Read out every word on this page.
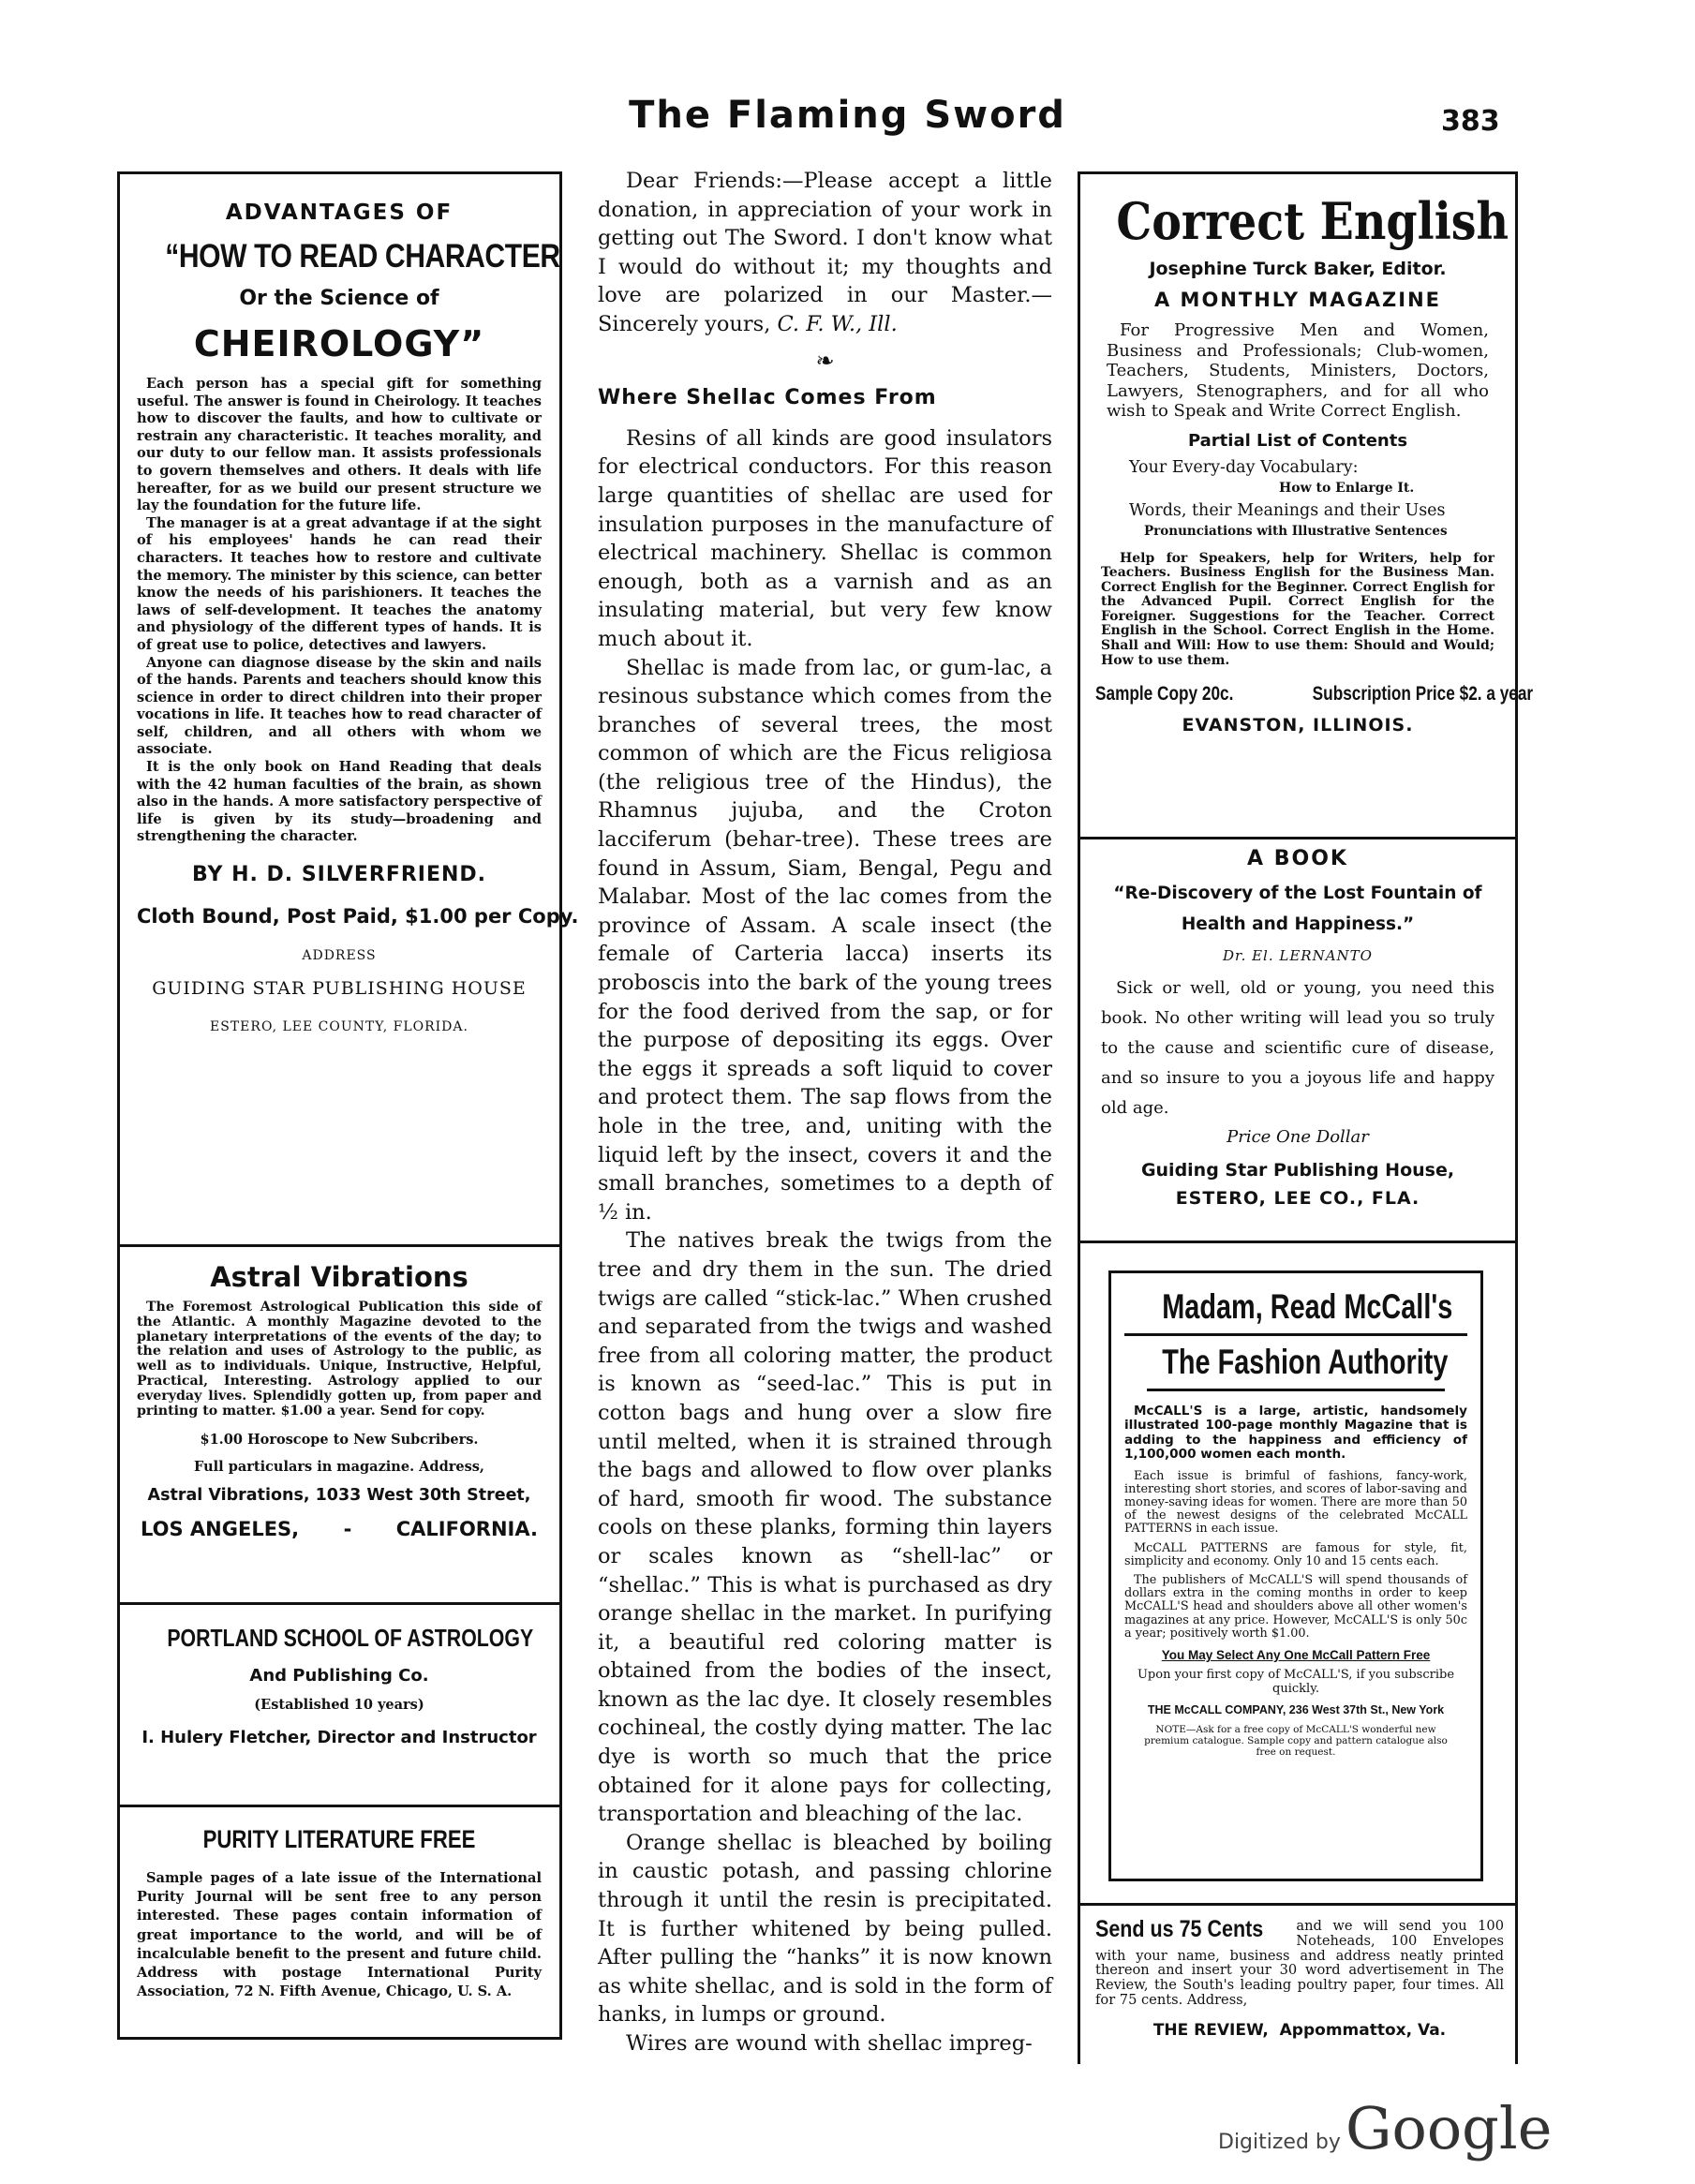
The Flaming Sword	383
ADVANTAGES OF
“HOW TO READ CHARACTER
Or the Science of
CHEIROLOGY”

Each person has a special gift for something useful. The answer is found in Cheirology. It teaches how to discover the faults, and how to cultivate or restrain any characteristic. It teaches morality, and our duty to our fellow man. It assists professionals to govern themselves and others. It deals with life hereafter, for as we build our present structure we lay the foundation for the future life.

The manager is at a great advantage if at the sight of his employees' hands he can read their characters. It teaches how to restore and cultivate the memory. The minister by this science, can better know the needs of his parishioners. It teaches the laws of self-development. It teaches the anatomy and physiology of the different types of hands. It is of great use to police, detectives and lawyers.

Anyone can diagnose disease by the skin and nails of the hands. Parents and teachers should know this science in order to direct children into their proper vocations in life. It teaches how to read character of self, children, and all others with whom we associate.

It is the only book on Hand Reading that deals with the 42 human faculties of the brain, as shown also in the hands. A more satisfactory perspective of life is given by its study—broadening and strengthening the character.

BY H. D. SILVERFRIEND.
Cloth Bound, Post Paid, $1.00 per Copy.
ADDRESS
GUIDING STAR PUBLISHING HOUSE
ESTERO, LEE COUNTY, FLORIDA.
Astral Vibrations

The Foremost Astrological Publication this side of the Atlantic. A monthly Magazine devoted to the planetary interpretations of the events of the day; to the relation and uses of Astrology to the public, as well as to individuals. Unique, Instructive, Helpful, Practical, Interesting. Astrology applied to our everyday lives. Splendidly gotten up, from paper and printing to matter. $1.00 a year. Send for copy.

$1.00 Horoscope to New Subcribers.
Full particulars in magazine. Address,
Astral Vibrations, 1033 West 30th Street,
LOS ANGELES, - CALIFORNIA.
PORTLAND SCHOOL OF ASTROLOGY
And Publishing Co.
(Established 10 years)
I. Hulery Fletcher, Director and Instructor
PURITY LITERATURE FREE

Sample pages of a late issue of the International Purity Journal will be sent free to any person interested. These pages contain information of great importance to the world, and will be of incalculable benefit to the present and future child. Address with postage International Purity Association, 72 N. Fifth Avenue, Chicago, U. S. A.

Dear Friends:—Please accept a little donation, in appreciation of your work in getting out The Sword. I don't know what I would do without it; my thoughts and love are polarized in our Master.— Sincerely yours, C. F. W., Ill.

❧
Where Shellac Comes From

Resins of all kinds are good insulators for electrical conductors. For this reason large quantities of shellac are used for insulation purposes in the manufacture of electrical machinery. Shellac is common enough, both as a varnish and as an insulating material, but very few know much about it.

Shellac is made from lac, or gum-lac, a resinous substance which comes from the branches of several trees, the most common of which are the Ficus religiosa (the religious tree of the Hindus), the Rhamnus jujuba, and the Croton lacciferum (behar-tree). These trees are found in Assum, Siam, Bengal, Pegu and Malabar. Most of the lac comes from the province of Assam. A scale insect (the female of Carteria lacca) inserts its proboscis into the bark of the young trees for the food derived from the sap, or for the purpose of depositing its eggs. Over the eggs it spreads a soft liquid to cover and protect them. The sap flows from the hole in the tree, and, uniting with the liquid left by the insect, covers it and the small branches, sometimes to a depth of ½ in.

The natives break the twigs from the tree and dry them in the sun. The dried twigs are called “stick-lac.” When crushed and separated from the twigs and washed free from all coloring matter, the product is known as “seed-lac.” This is put in cotton bags and hung over a slow fire until melted, when it is strained through the bags and allowed to flow over planks of hard, smooth fir wood. The substance cools on these planks, forming thin layers or scales known as “shell-lac” or “shellac.” This is what is purchased as dry orange shellac in the market. In purifying it, a beautiful red coloring matter is obtained from the bodies of the insect, known as the lac dye. It closely resembles cochineal, the costly dying matter. The lac dye is worth so much that the price obtained for it alone pays for collecting, transportation and bleaching of the lac.

Orange shellac is bleached by boiling in caustic potash, and passing chlorine through it until the resin is precipitated. It is further whitened by being pulled. After pulling the “hanks” it is now known as white shellac, and is sold in the form of hanks, in lumps or ground.

Wires are wound with shellac impreg-

Correct English
Josephine Turck Baker, Editor.
A MONTHLY MAGAZINE

For Progressive Men and Women, Business and Professionals; Club-women, Teachers, Students, Ministers, Doctors, Lawyers, Stenographers, and for all who wish to Speak and Write Correct English.

Partial List of Contents
Your Every-day Vocabulary:
How to Enlarge It.
Words, their Meanings and their Uses
Pronunciations with Illustrative Sentences

Help for Speakers, help for Writers, help for Teachers. Business English for the Business Man. Correct English for the Beginner. Correct English for the Advanced Pupil. Correct English for the Foreigner. Suggestions for the Teacher. Correct English in the School. Correct English in the Home. Shall and Will: How to use them: Should and Would; How to use them.

Sample Copy 20c.	Subscription Price $2. a year
EVANSTON, ILLINOIS.
A BOOK
“Re-Discovery of the Lost Fountain of Health and Happiness.”
Dr. El. LERNANTO

Sick or well, old or young, you need this book. No other writing will lead you so truly to the cause and scientific cure of disease, and so insure to you a joyous life and happy old age.

Price One Dollar
Guiding Star Publishing House,
ESTERO, LEE CO., FLA.
Madam, Read McCall's
The Fashion Authority

McCALL'S is a large, artistic, handsomely illustrated 100-page monthly Magazine that is adding to the happiness and efficiency of 1,100,000 women each month.

Each issue is brimful of fashions, fancy-work, interesting short stories, and scores of labor-saving and money-saving ideas for women. There are more than 50 of the newest designs of the celebrated McCALL PATTERNS in each issue.

McCALL PATTERNS are famous for style, fit, simplicity and economy. Only 10 and 15 cents each.

The publishers of McCALL'S will spend thousands of dollars extra in the coming months in order to keep McCALL'S head and shoulders above all other women's magazines at any price. However, McCALL'S is only 50c a year; positively worth $1.00.

You May Select Any One McCall Pattern Free

Upon your first copy of McCALL'S, if you subscribe quickly.

THE McCALL COMPANY, 236 West 37th St., New York

NOTE—Ask for a free copy of McCALL'S wonderful new premium catalogue. Sample copy and pattern catalogue also free on request.

Send us 75 Cents and we will send you 100 Noteheads, 100 Envelopes with your name, business and address neatly printed thereon and insert your 30 word advertisement in The Review, the South's leading poultry paper, four times. All for 75 cents. Address,
THE REVIEW,  Appommattox, Va.
Digitized by Google
